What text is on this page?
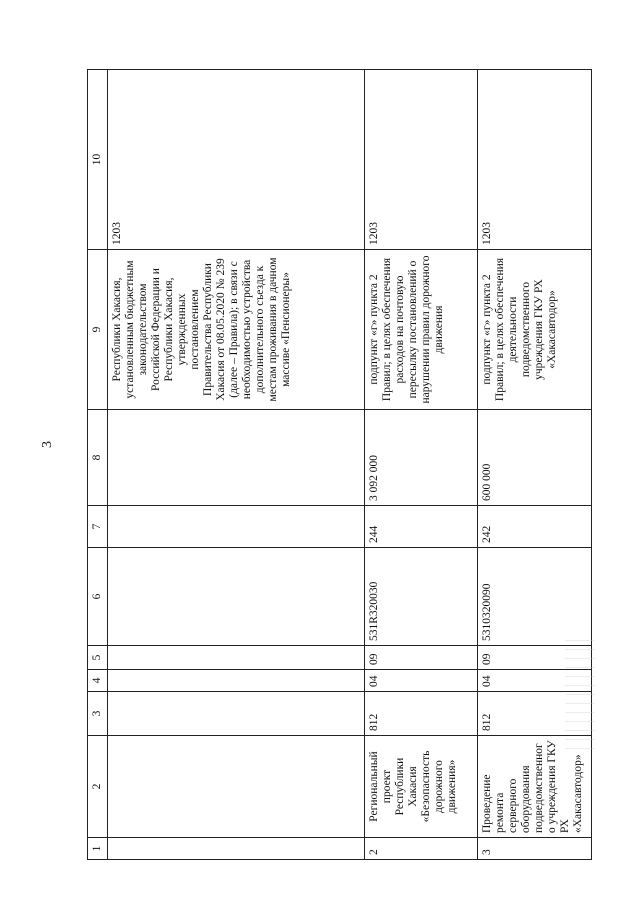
3
1	2	3	4	5	6	7	8	9	10
								Республики Хакасия, установленным бюджетным законодательством Российской Федерации и Республики Хакасия, утвержденных постановлением Правительства Республики Хакасия от 08.05.2020 № 239 (далее – Правила); в связи с необходимостью устройства дополнительного съезда к местам проживания в дачном массиве «Пенсионеры»	1203
2	Региональный проект Республики Хакасия «Безопасность дорожного движения»	812	04	09	531R320030	244	3 092 000	подпункт «г» пункта 2 Правил; в целях обеспечения расходов на почтовую пересылку постановлений о нарушении правил дорожного движения	1203
3	Проведение ремонта серверного оборудования подведомственного учреждения ГКУ РХ «Хакасавтодор»	812	04	09	5310320090	242	600 000	подпункт «г» пункта 2 Правил; в целях обеспечения деятельности подведомственного учреждения ГКУ РХ «Хакасавтодор»	1203
